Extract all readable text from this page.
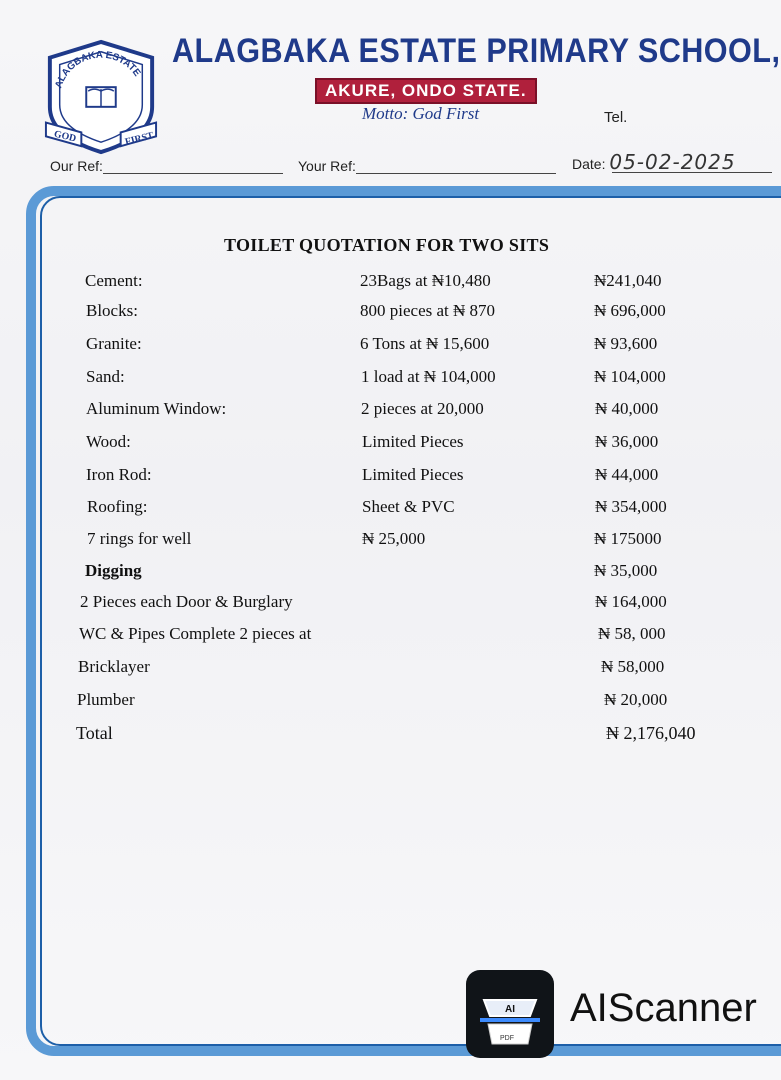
ALAGBAKA ESTATE
GOD	FIRST
ALAGBAKA ESTATE PRIMARY SCHOOL,
AKURE, ONDO STATE.
Motto: God First	Tel.
Our Ref:	Your Ref:	Date: 05-02-2025
TOILET QUOTATION FOR TWO SITS
Cement:	23Bags at ₦10,480	₦241,040
Blocks:	800 pieces at ₦ 870	₦ 696,000
Granite:	6 Tons at ₦ 15,600	₦ 93,600
Sand:	1 load at ₦ 104,000	₦ 104,000
Aluminum Window:	2 pieces at 20,000	₦ 40,000
Wood:	Limited Pieces	₦ 36,000
Iron Rod:	Limited Pieces	₦ 44,000
Roofing:	Sheet & PVC	₦ 354,000
7 rings for well	₦ 25,000	₦ 175000
Digging	₦ 35,000
2 Pieces each Door & Burglary	₦ 164,000
WC & Pipes Complete 2 pieces at	₦ 58, 000
Bricklayer	₦ 58,000
Plumber	₦ 20,000
Total	₦ 2,176,040
AI
PDF
AIScanner
